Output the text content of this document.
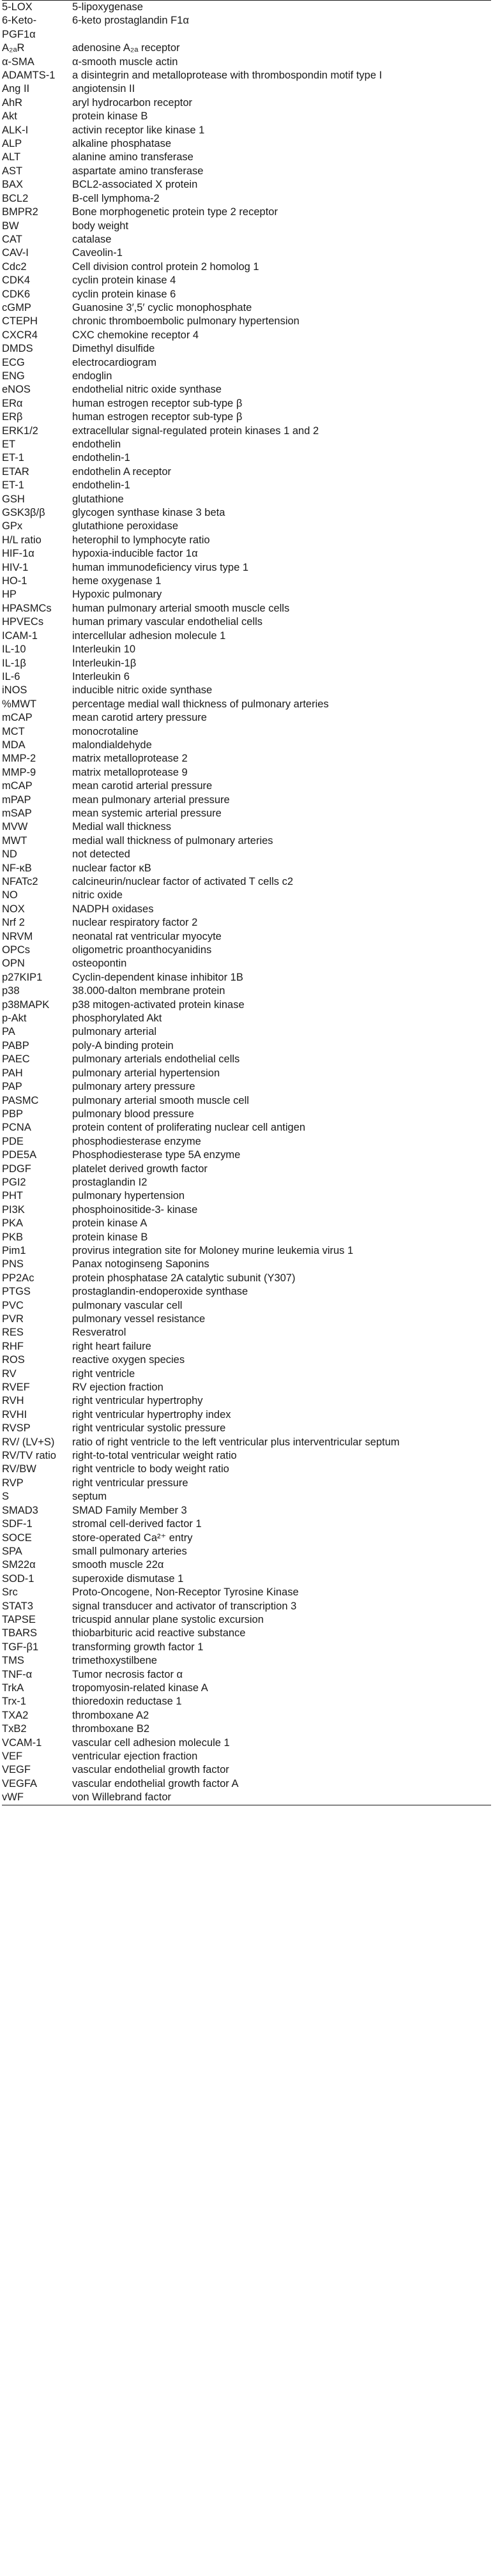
5-LOX	5-lipoxygenase
6-Keto-PGF1α	6-keto prostaglandin F1α
A₂ₐR	adenosine A₂ₐ receptor
α-SMA	α-smooth muscle actin
ADAMTS-1	a disintegrin and metalloprotease with thrombospondin motif type I
Ang II	angiotensin II
AhR	aryl hydrocarbon receptor
Akt	protein kinase B
ALK-I	activin receptor like kinase 1
ALP	alkaline phosphatase
ALT	alanine amino transferase
AST	aspartate amino transferase
BAX	BCL2-associated X protein
BCL2	B-cell lymphoma-2
BMPR2	Bone morphogenetic protein type 2 receptor
BW	body weight
CAT	catalase
CAV-I	Caveolin-1
Cdc2	Cell division control protein 2 homolog 1
CDK4	cyclin protein kinase 4
CDK6	cyclin protein kinase 6
cGMP	Guanosine 3′,5′ cyclic monophosphate
CTEPH	chronic thromboembolic pulmonary hypertension
CXCR4	CXC chemokine receptor 4
DMDS	Dimethyl disulfide
ECG	electrocardiogram
ENG	endoglin
eNOS	endothelial nitric oxide synthase
ERα	human estrogen receptor sub-type β
ERβ	human estrogen receptor sub-type β
ERK1/2	extracellular signal-regulated protein kinases 1 and 2
ET	endothelin
ET-1	endothelin-1
ETAR	endothelin A receptor
ET-1	endothelin-1
GSH	glutathione
GSK3β/β	glycogen synthase kinase 3 beta
GPx	glutathione peroxidase
H/L ratio	heterophil to lymphocyte ratio
HIF-1α	hypoxia-inducible factor 1α
HIV-1	human immunodeficiency virus type 1
HO-1	heme oxygenase 1
HP	Hypoxic pulmonary
HPASMCs	human pulmonary arterial smooth muscle cells
HPVECs	human primary vascular endothelial cells
ICAM-1	intercellular adhesion molecule 1
IL-10	Interleukin 10
IL-1β	Interleukin-1β
IL-6	Interleukin 6
iNOS	inducible nitric oxide synthase
%MWT	percentage medial wall thickness of pulmonary arteries
mCAP	mean carotid artery pressure
MCT	monocrotaline
MDA	malondialdehyde
MMP-2	matrix metalloprotease 2
MMP-9	matrix metalloprotease 9
mCAP	mean carotid arterial pressure
mPAP	mean pulmonary arterial pressure
mSAP	mean systemic arterial pressure
MVW	Medial wall thickness
MWT	medial wall thickness of pulmonary arteries
ND	not detected
NF-κB	nuclear factor κB
NFATc2	calcineurin/nuclear factor of activated T cells c2
NO	nitric oxide
NOX	NADPH oxidases
Nrf 2	nuclear respiratory factor 2
NRVM	neonatal rat ventricular myocyte
OPCs	oligometric proanthocyanidins
OPN	osteopontin
p27KIP1	Cyclin-dependent kinase inhibitor 1B
p38	38.000-dalton membrane protein
p38MAPK	p38 mitogen-activated protein kinase
p-Akt	phosphorylated Akt
PA	pulmonary arterial
PABP	poly-A binding protein
PAEC	pulmonary arterials endothelial cells
PAH	pulmonary arterial hypertension
PAP	pulmonary artery pressure
PASMC	pulmonary arterial smooth muscle cell
PBP	pulmonary blood pressure
PCNA	protein content of proliferating nuclear cell antigen
PDE	phosphodiesterase enzyme
PDE5A	Phosphodiesterase type 5A enzyme
PDGF	platelet derived growth factor
PGI2	prostaglandin I2
PHT	pulmonary hypertension
PI3K	phosphoinositide-3- kinase
PKA	protein kinase A
PKB	protein kinase B
Pim1	provirus integration site for Moloney murine leukemia virus 1
PNS	Panax notoginseng Saponins
PP2Ac	protein phosphatase 2A catalytic subunit (Y307)
PTGS	prostaglandin-endoperoxide synthase
PVC	pulmonary vascular cell
PVR	pulmonary vessel resistance
RES	Resveratrol
RHF	right heart failure
ROS	reactive oxygen species
RV	right ventricle
RVEF	RV ejection fraction
RVH	right ventricular hypertrophy
RVHI	right ventricular hypertrophy index
RVSP	right ventricular systolic pressure
RV/ (LV+S)	ratio of right ventricle to the left ventricular plus interventricular septum
RV/TV ratio	right-to-total ventricular weight ratio
RV/BW	right ventricle to body weight ratio
RVP	right ventricular pressure
S	septum
SMAD3	SMAD Family Member 3
SDF-1	stromal cell-derived factor 1
SOCE	store-operated Ca²⁺ entry
SPA	small pulmonary arteries
SM22α	smooth muscle 22α
SOD-1	superoxide dismutase 1
Src	Proto-Oncogene, Non-Receptor Tyrosine Kinase
STAT3	signal transducer and activator of transcription 3
TAPSE	tricuspid annular plane systolic excursion
TBARS	thiobarbituric acid reactive substance
TGF-β1	transforming growth factor 1
TMS	trimethoxystilbene
TNF-α	Tumor necrosis factor α
TrkA	tropomyosin-related kinase A
Trx-1	thioredoxin reductase 1
TXA2	thromboxane A2
TxB2	thromboxane B2
VCAM-1	vascular cell adhesion molecule 1
VEF	ventricular ejection fraction
VEGF	vascular endothelial growth factor
VEGFA	vascular endothelial growth factor A
vWF	von Willebrand factor
